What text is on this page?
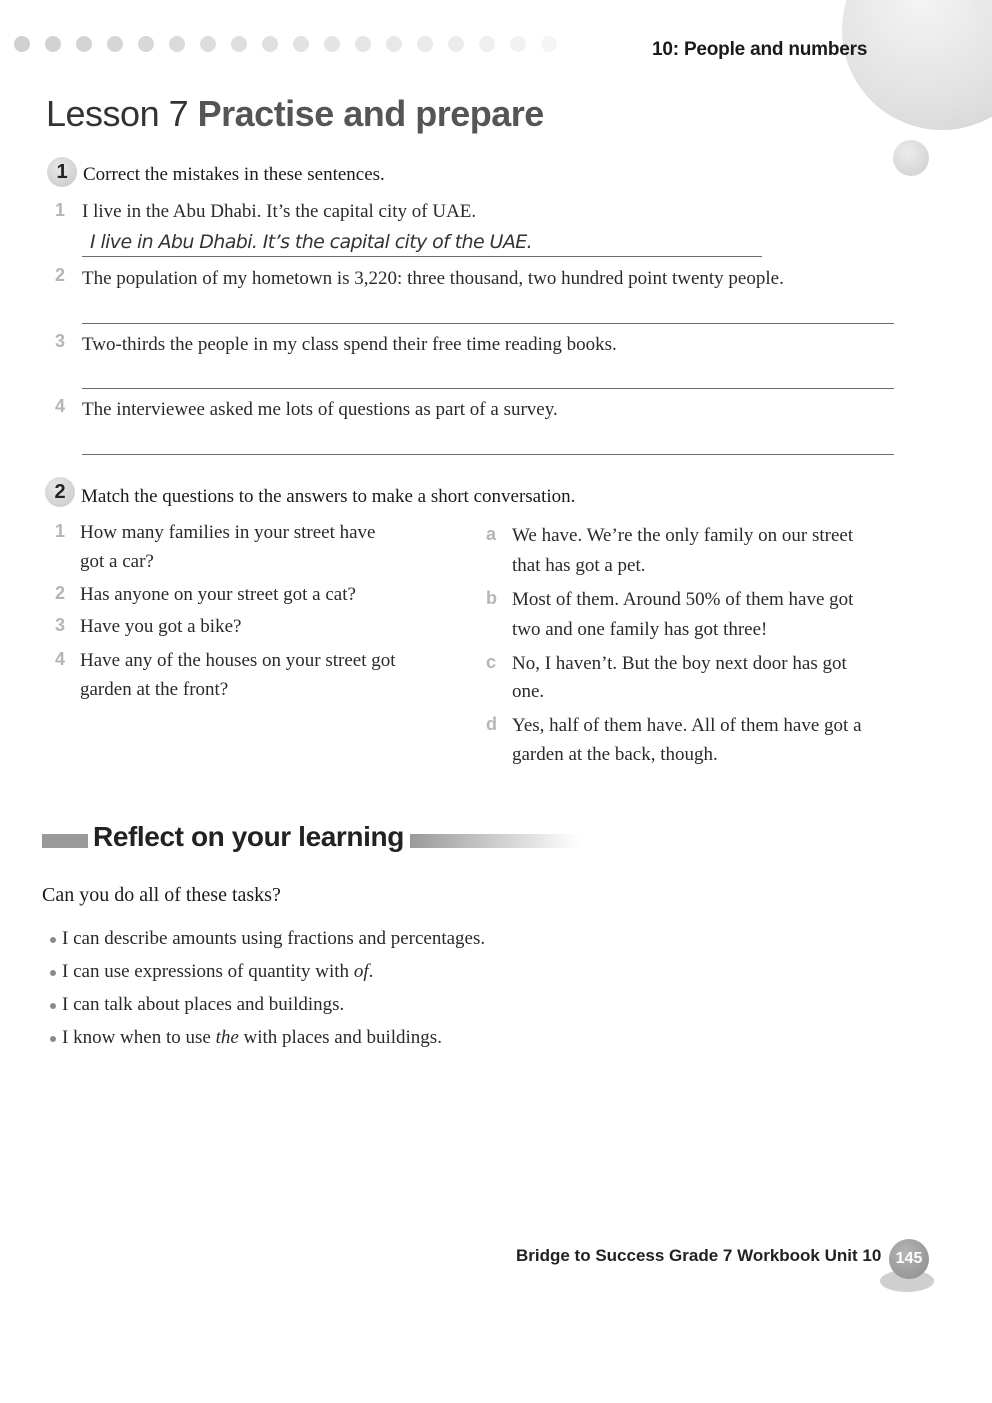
10: People and numbers
Lesson 7 Practise and prepare
1 Correct the mistakes in these sentences.
1 I live in the Abu Dhabi. It’s the capital city of UAE.
I live in Abu Dhabi. It’s the capital city of the UAE.
2 The population of my hometown is 3,220: three thousand, two hundred point twenty people.
3 Two-thirds the people in my class spend their free time reading books.
4 The interviewee asked me lots of questions as part of a survey.
2 Match the questions to the answers to make a short conversation.
1 How many families in your street have
got a car?
2 Has anyone on your street got a cat?
3 Have you got a bike?
4 Have any of the houses on your street got
garden at the front?
a We have. We’re the only family on our street
that has got a pet.
b Most of them. Around 50% of them have got
two and one family has got three!
c No, I haven’t. But the boy next door has got
one.
d Yes, half of them have. All of them have got a
garden at the back, though.
Reflect on your learning
Can you do all of these tasks?
I can describe amounts using fractions and percentages.
I can use expressions of quantity with of.
I can talk about places and buildings.
I know when to use the with places and buildings.
Bridge to Success Grade 7 Workbook Unit 10 145
